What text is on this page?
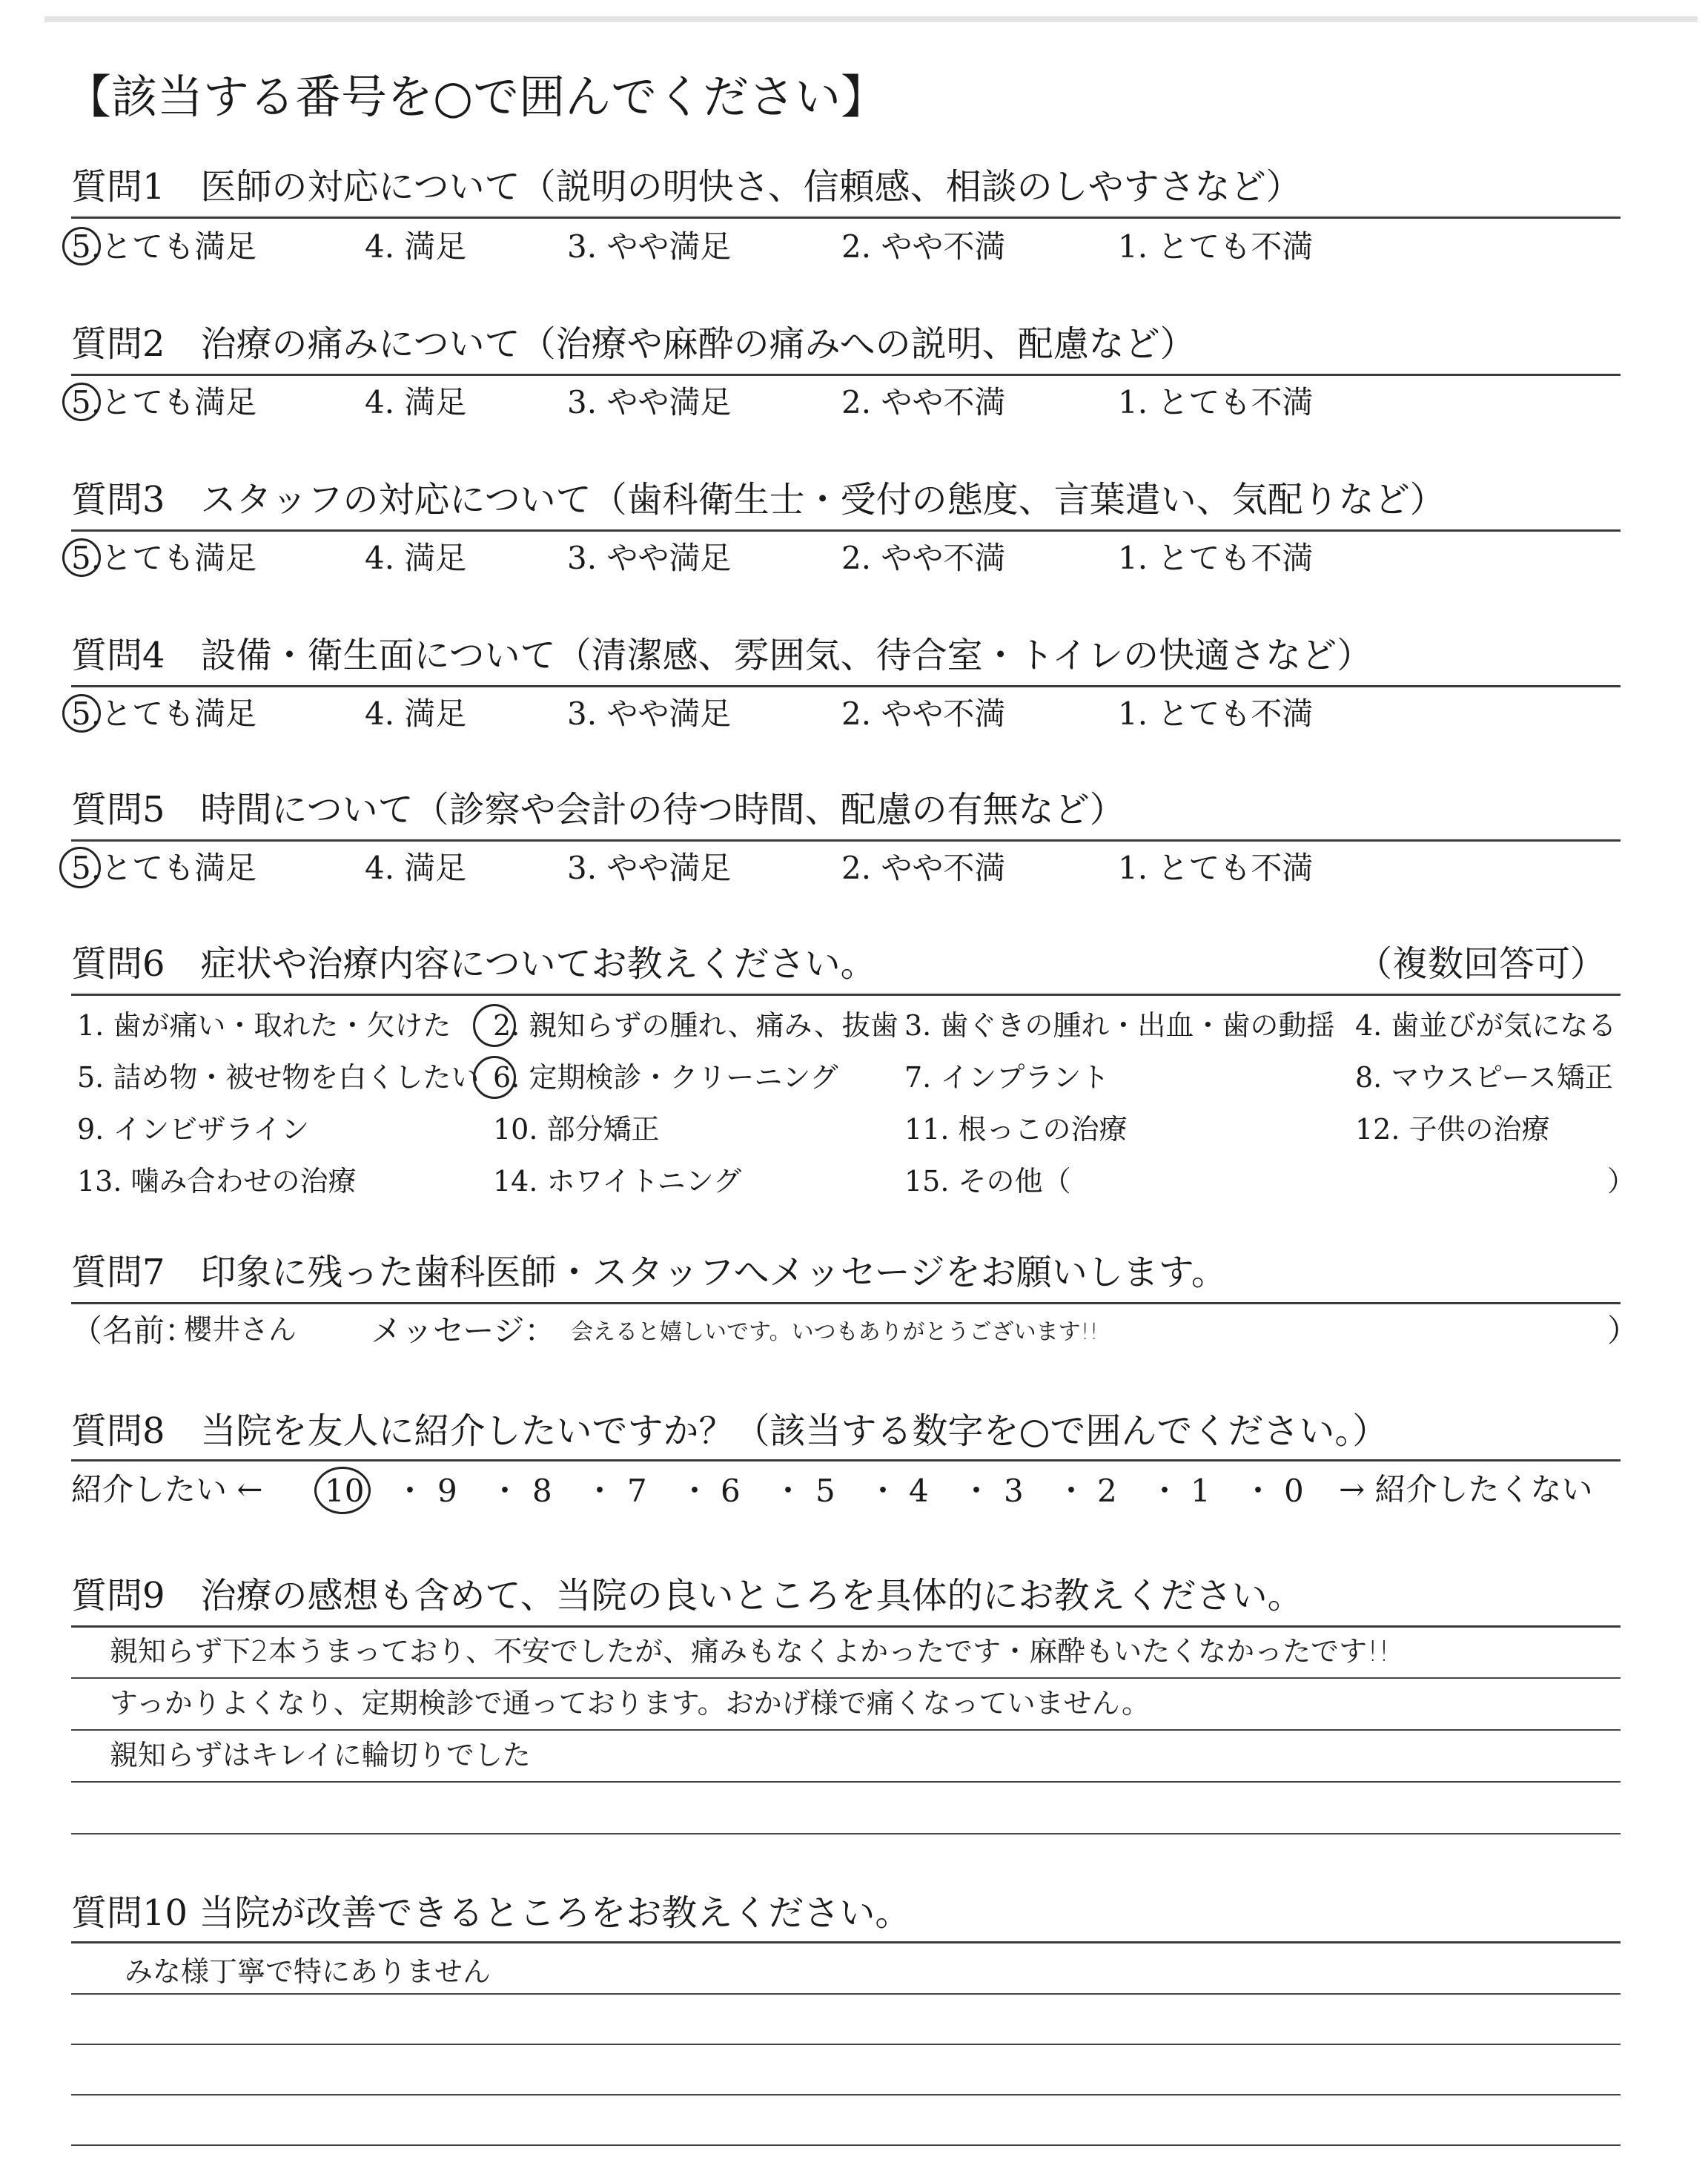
【該当する番号を○で囲んでください】
質問1　医師の対応について（説明の明快さ、信頼感、相談のしやすさなど）
5.とても満足	4. 満足	3. やや満足	2. やや不満	1. とても不満
質問2　治療の痛みについて（治療や麻酔の痛みへの説明、配慮など）
5.とても満足	4. 満足	3. やや満足	2. やや不満	1. とても不満
質問3　スタッフの対応について（歯科衛生士・受付の態度、言葉遣い、気配りなど）
5.とても満足	4. 満足	3. やや満足	2. やや不満	1. とても不満
質問4　設備・衛生面について（清潔感、雰囲気、待合室・トイレの快適さなど）
5.とても満足	4. 満足	3. やや満足	2. やや不満	1. とても不満
質問5　時間について（診察や会計の待つ時間、配慮の有無など）
5.とても満足	4. 満足	3. やや満足	2. やや不満	1. とても不満
質問6　症状や治療内容についてお教えください。	（複数回答可）
1. 歯が痛い・取れた・欠けた 2. 親知らずの腫れ、痛み、抜歯 3. 歯ぐきの腫れ・出血・歯の動揺 4. 歯並びが気になる
5. 詰め物・被せ物を白くしたい 6. 定期検診・クリーニング 7. インプラント	8. マウスピース矯正
9. インビザライン	10. 部分矯正	11. 根っこの治療	12. 子供の治療
13. 噛み合わせの治療	14. ホワイトニング	15. その他（	）
質問7　印象に残った歯科医師・スタッフへメッセージをお願いします。
（名前：
櫻井さん メッセージ： 会えると嬉しいです。いつもありがとうございます!!	）
質問8　当院を友人に紹介したいですか？（該当する数字を○で囲んでください。）
紹介したい ← 10 ・ 9 ・ 8 ・ 7 ・ 6 ・ 5 ・ 4 ・ 3 ・ 2 ・ 1 ・ 0 → 紹介したくない
質問9　治療の感想も含めて、当院の良いところを具体的にお教えください。
親知らず下2本うまっており、不安でしたが、痛みもなくよかったです・麻酔もいたくなかったです!!
すっかりよくなり、定期検診で通っております。おかげ様で痛くなっていません。
親知らずはキレイに輪切りでした
質問10 当院が改善できるところをお教えください。
みな様丁寧で特にありません
